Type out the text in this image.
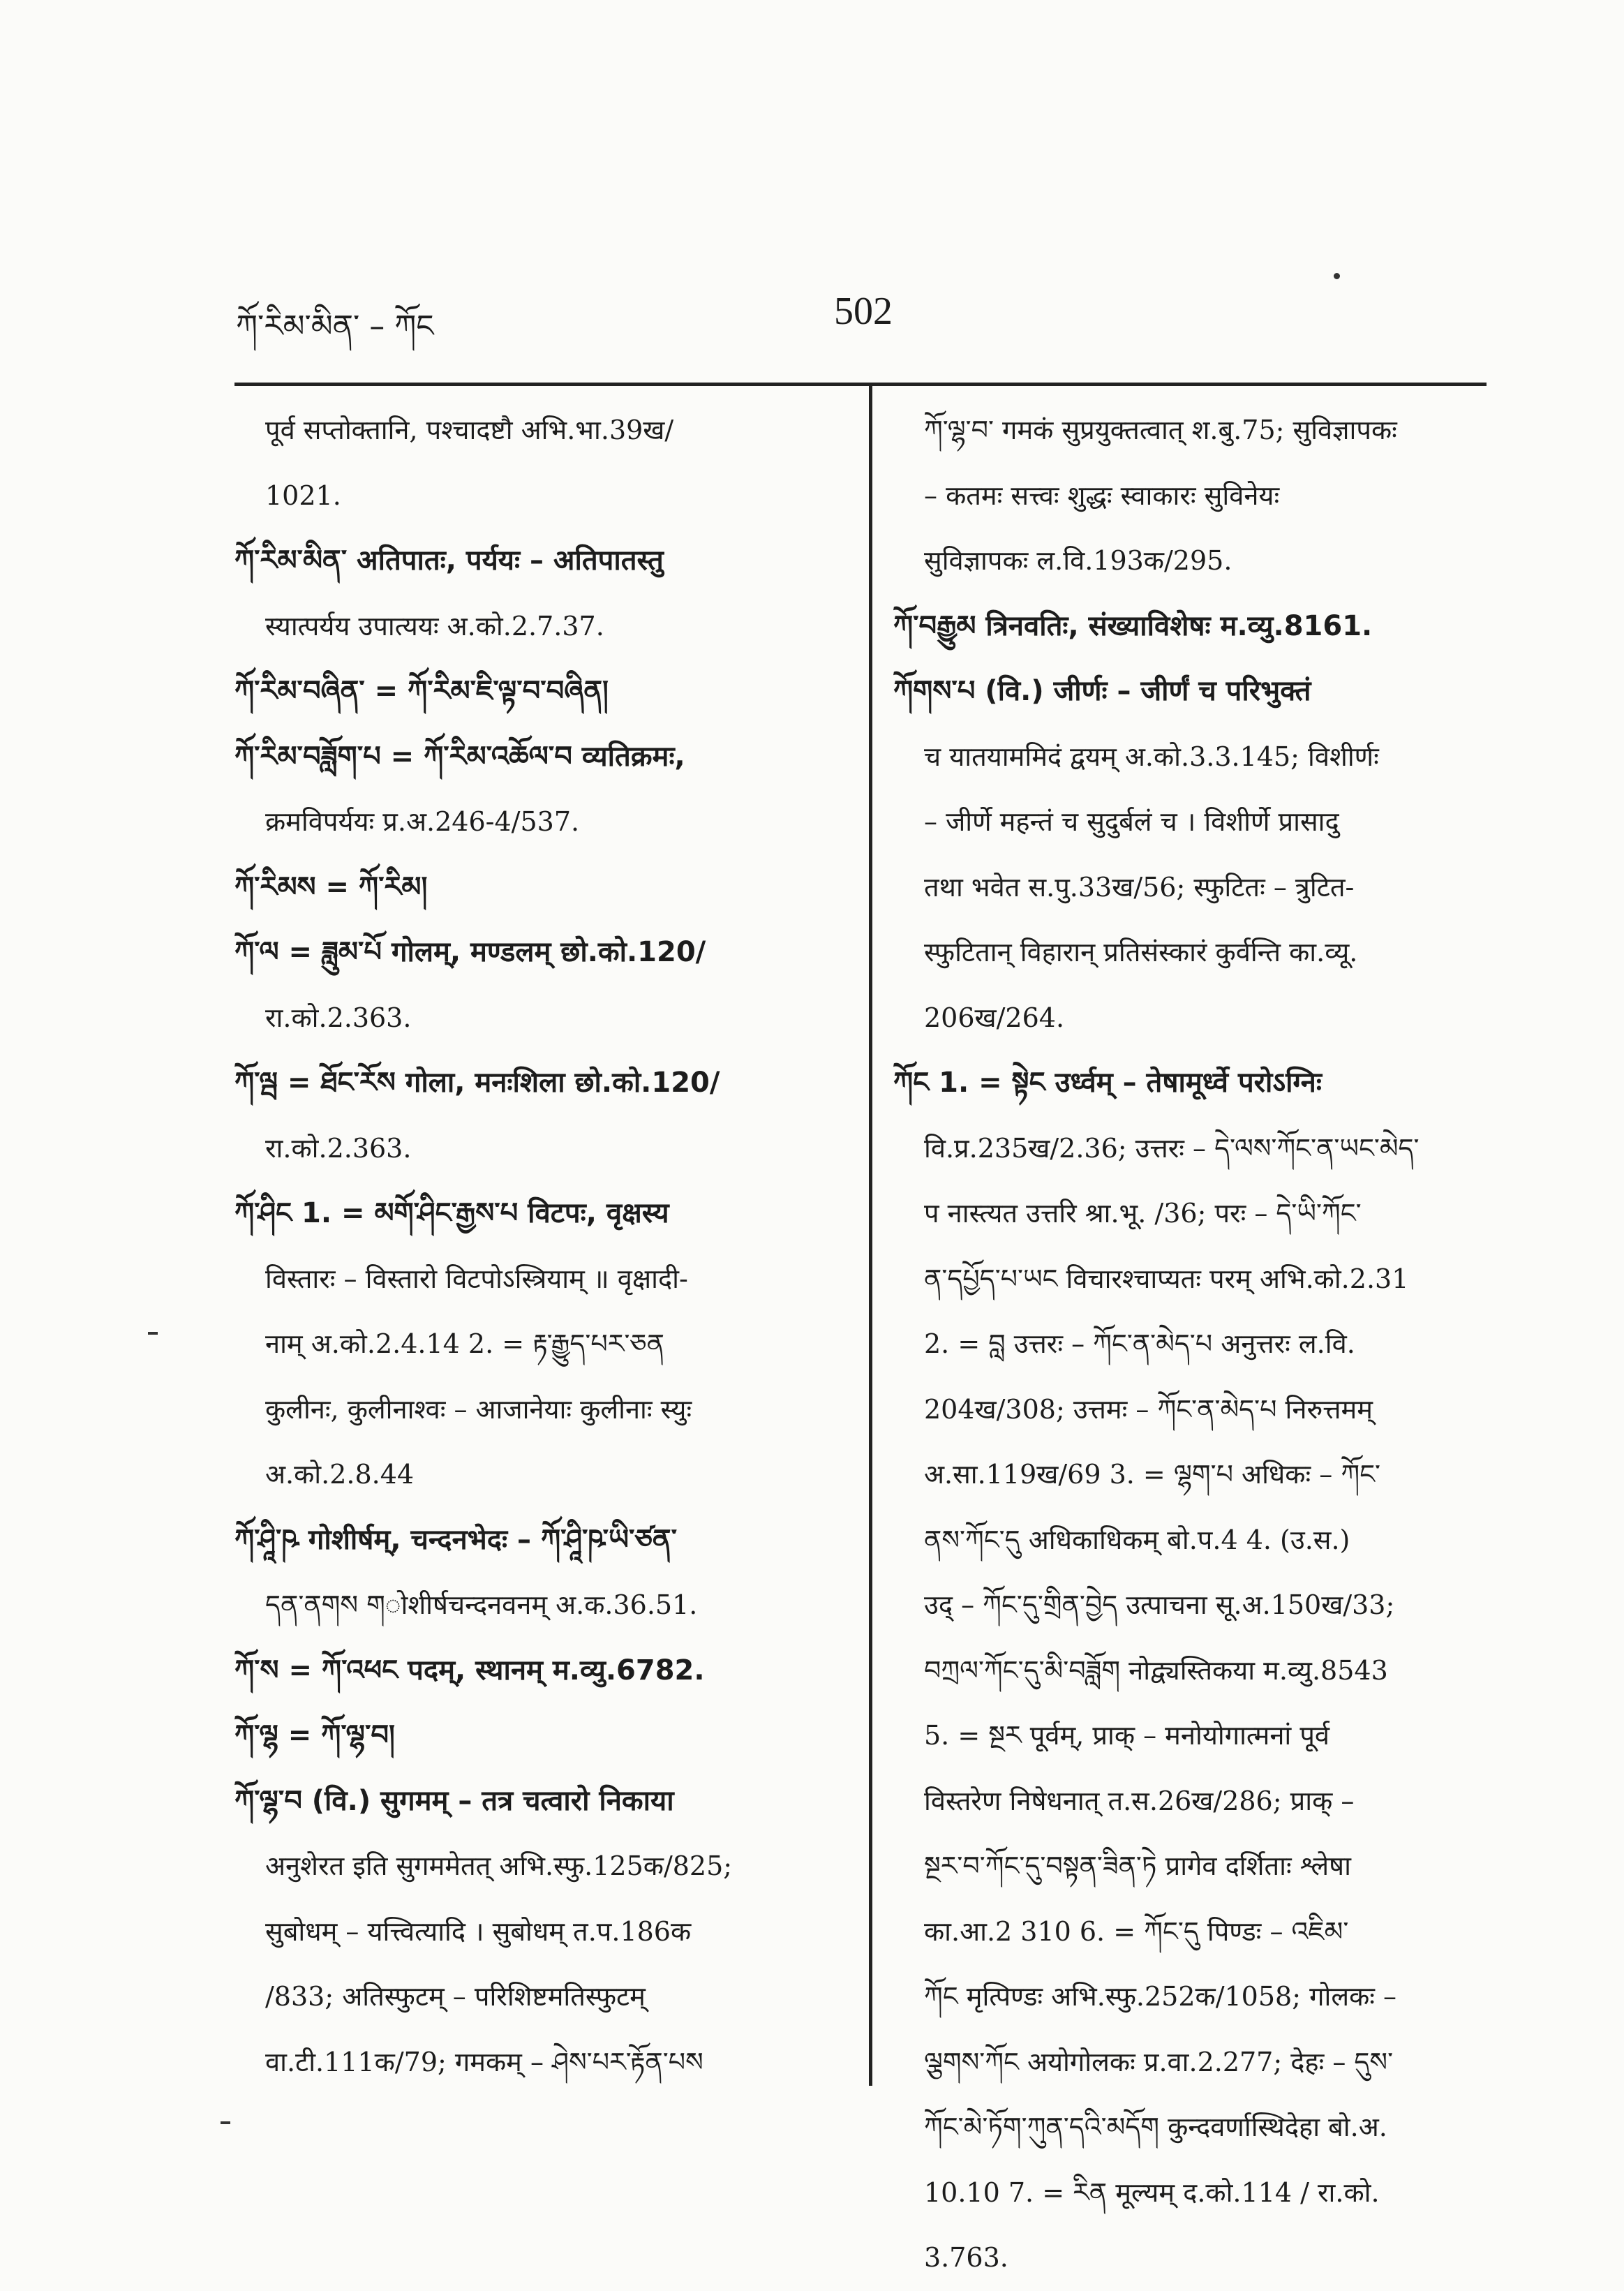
ཀོ་རིམ་མིན་ – ཀོང	502
पूर्व सप्तोक्तानि, पश्चादष्टौ अभि.भा.39ख/
1021.
ཀོ་རིམ་མིན་ अतिपातः, पर्ययः – अतिपातस्तु
स्यात्पर्यय उपात्ययः अ.को.2.7.37.
ཀོ་རིམ་བཞིན་ = ཀོ་རིམ་ཇི་ལྟ་བ་བཞིན།
ཀོ་རིམ་བཟློག་པ = ཀོ་རིམ་འཆོལ་བ व्यतिक्रमः,
क्रमविपर्ययः प्र.अ.246-4/537.
ཀོ་རིམས = ཀོ་རིམ།
ཀོ་ལ = ཟླུམ་པོ गोलम्, मण्डलम् छो.को.120/
रा.को.2.363.
ཀོ་ལྦ = ཐོང་རོས गोला, मनःशिला छो.को.120/
रा.को.2.363.
ཀོ་ཤིང 1. = མགོ་ཤིང་རྒྱས་པ विटपः, वृक्षस्य
विस्तारः – विस्तारो विटपोऽस्त्रियाम् ॥ वृक्षादी-
नाम् अ.को.2.4.14 2. = རྟ་རྒྱུད་པར་ཅན
कुलीनः, कुलीनाश्वः – आजानेयाः कुलीनाः स्युः
अ.को.2.8.44
ཀོ་ཤཱི་ཥ गोशीर्षम्, चन्दनभेदः – ཀོ་ཤཱི་ཥ་ཡི་ཙན་
དན་ནགས གोशीर्षचन्दनवनम् अ.क.36.51.
ཀོ་ས = ཀོ་འཕང पदम्, स्थानम् म.व्यु.6782.
ཀོ་ལྷ = ཀོ་ལྷ་བ།
ཀོ་ལྷ་བ (वि.) सुगमम् – तत्र चत्वारो निकाया
अनुशेरत इति सुगममेतत् अभि.स्फु.125क/825;
सुबोधम् – यत्त्वित्यादि । सुबोधम् त.प.186क
/833; अतिस्फुटम् – परिशिष्टमतिस्फुटम्
वा.टी.111क/79; गमकम् – ཤེས་པར་རྟོན་པས
ཀོ་ལྷ་བ་ गमकं सुप्रयुक्तत्वात् श.बु.75; सुविज्ञापकः
– कतमः सत्त्वः शुद्धः स्वाकारः सुविनेयः
सुविज्ञापकः ल.वि.193क/295.
ཀོ་བརྒྱུམ त्रिनवतिः, संख्याविशेषः म.व्यु.8161.
ཀོགས་པ (वि.) जीर्णः – जीर्णं च परिभुक्तं
च यातयाममिदं द्वयम् अ.को.3.3.145; विशीर्णः
– जीर्णे महन्तं च सुदुर्बलं च । विशीर्णे प्रासादु
तथा भवेत स.पु.33ख/56; स्फुटितः – त्रुटित-
स्फुटितान् विहारान् प्रतिसंस्कारं कुर्वन्ति का.व्यू.
206ख/264.
ཀོང 1. = སྟེང उर्ध्वम् – तेषामूर्ध्वे परोऽग्निः
वि.प्र.235ख/2.36; उत्तरः – དེ་ལས་ཀོང་ན་ཡང་མེད་
प नास्त्यत उत्तरि श्रा.भू. /36; परः – དེ་ཡི་ཀོང་
ན་དཔྱོད་པ་ཡང विचारश्चाप्यतः परम् अभि.को.2.31
2. = བླ उत्तरः – ཀོང་ན་མེད་པ अनुत्तरः ल.वि.
204ख/308; उत्तमः – ཀོང་ན་མེད་པ निरुत्तमम्
अ.सा.119ख/69 3. = ལྷག་པ अधिकः – ཀོང་
ནས་ཀོང་དུ अधिकाधिकम् बो.प.4 4. (उ.स.)
उद् – ཀོང་དུ་གྲིན་བྱེད उत्पाचना सू.अ.150ख/33;
བཀྲལ་ཀོང་དུ་མི་བཟློག नोद्व्यस्तिकया म.व्यु.8543
5. = སྔར पूर्वम्, प्राक् – मनोयोगात्मनां पूर्व
विस्तरेण निषेधनात् त.स.26ख/286; प्राक् –
སྔར་བ་ཀོང་དུ་བསྟན་ཟིན་ཏེ प्रागेव दर्शिताः श्लेषा
का.आ.2 310 6. = ཀོང་དུ पिण्डः – འཇིམ་
ཀོང मृत्पिण्डः अभि.स्फु.252क/1058; गोलकः –
ལྕགས་ཀོང अयोगोलकः प्र.वा.2.277; देहः – དུས་
ཀོང་མེ་ཏོག་ཀུན་དའི་མདོག कुन्दवर्णास्थिदेहा बो.अ.
10.10 7. = རིན मूल्यम् द.को.114 / रा.को.
3.763.
